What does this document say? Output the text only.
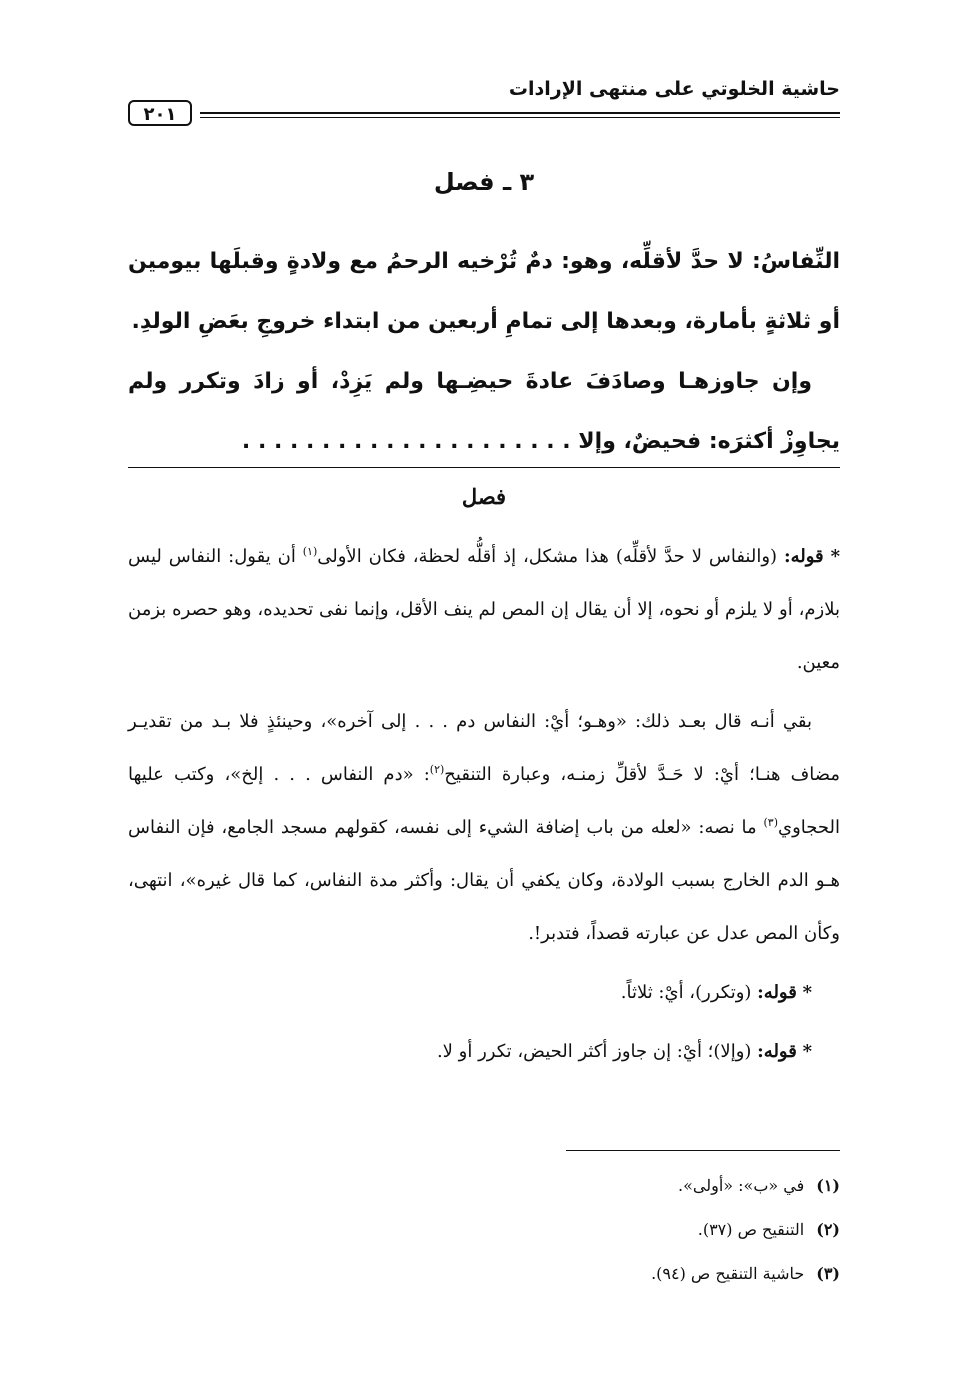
حاشية الخلوتي على منتهى الإرادات
٢٠١
٣ ـ فصل

النِّفاسُ: لا حدَّ لأقلِّه، وهو: دمٌ تُرْخيه الرحمُ مع ولادةٍ وقبلَها بيومين أو ثلاثةٍ بأمارة، وبعدها إلى تمامِ أربعين من ابتداء خروجِ بعَضِ الولدِ.

وإن جاوزهـا وصادَفَ عادةَ حيضِـها ولم يَزِدْ، أو زادَ وتكرر ولم يجاوِزْ أكثرَه: فحيضٌ، وإلا . . . . . . . . . . . . . . . . . . . . .

فصل

* قوله: (والنفاس لا حدَّ لأقلِّه) هذا مشكل، إذ أقلُّه لحظة، فكان الأولى$^{(١)}$ أن يقول: النفاس ليس بلازم، أو لا يلزم أو نحوه، إلا أن يقال إن المص لم ينف الأقل، وإنما نفى تحديده، وهو حصره بزمن معين.

بقي أنـه قال بعـد ذلك: «وهـو؛ أيْ: النفاس دم . . . إلى آخره»، وحينئذٍ فلا بـد من تقديـر مضاف هنـا؛ أيْ: لا حَـدَّ لأقلِّ زمنـه، وعبارة التنقيح$^{(٢)}$: «دم النفاس . . . إلخ»، وكتب عليها الحجاوي$^{(٣)}$ ما نصه: «لعله من باب إضافة الشيء إلى نفسه، كقولهم مسجد الجامع، فإن النفاس هـو الدم الخارج بسبب الولادة، وكان يكفي أن يقال: وأكثر مدة النفاس، كما قال غيره»، انتهى، وكأن المص عدل عن عبارته قصداً، فتدبر!.

* قوله: (وتكرر)، أيْ: ثلاثاً.

* قوله: (وإلا)؛ أيْ: إن جاوز أكثر الحيض، تكرر أو لا.

(١)في «ب»: «أولى».
(٢)التنقيح ص (٣٧).
(٣)حاشية التنقيح ص (٩٤).
